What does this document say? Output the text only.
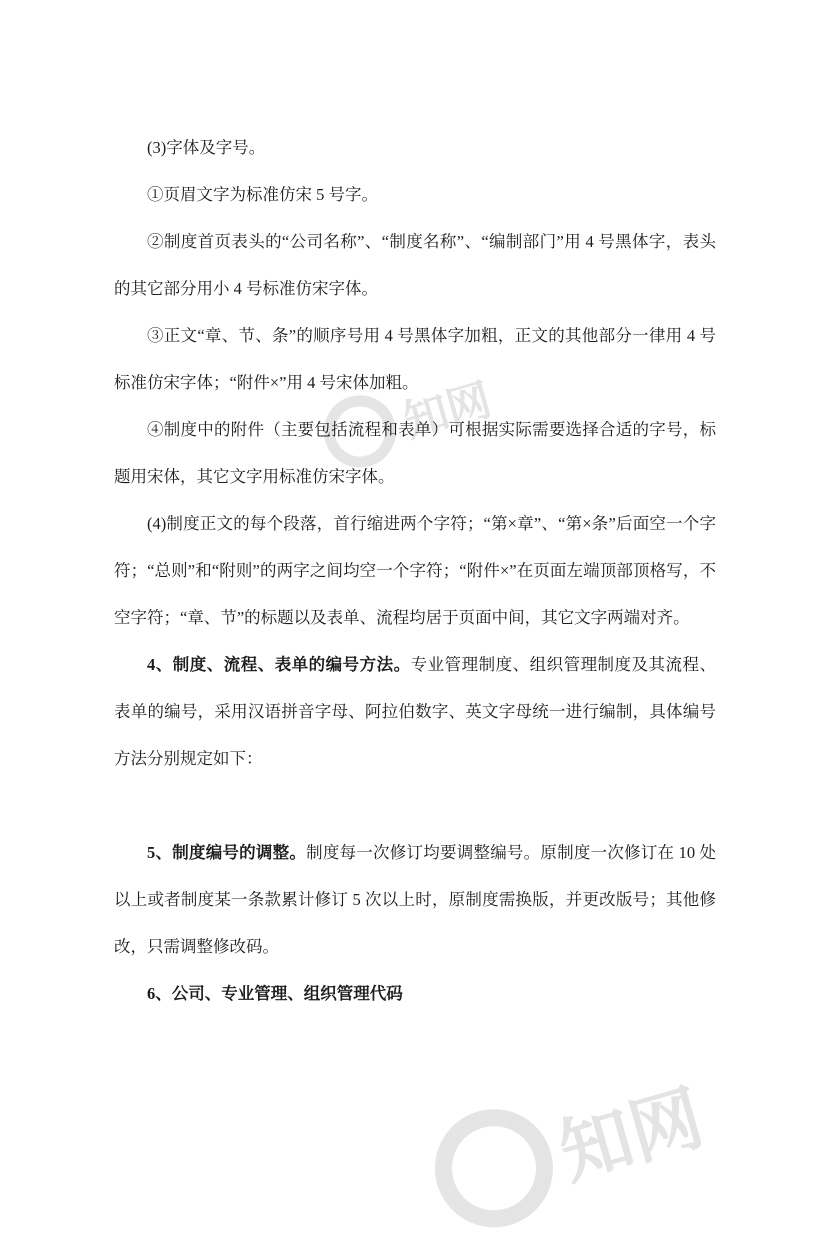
知网

(3)字体及字号。

①页眉文字为标准仿宋 5 号字。

②制度首页表头的“公司名称”、“制度名称”、“编制部门”用 4 号黑体字，表头的其它部分用小 4 号标准仿宋字体。

③正文“章、节、条”的顺序号用 4 号黑体字加粗，正文的其他部分一律用 4 号标准仿宋字体；“附件×”用 4 号宋体加粗。

④制度中的附件（主要包括流程和表单）可根据实际需要选择合适的字号，标题用宋体，其它文字用标准仿宋字体。

(4)制度正文的每个段落，首行缩进两个字符；“第×章”、“第×条”后面空一个字符；“总则”和“附则”的两字之间均空一个字符；“附件×”在页面左端顶部顶格写，不空字符；“章、节”的标题以及表单、流程均居于页面中间，其它文字两端对齐。

4、制度、流程、表单的编号方法。专业管理制度、组织管理制度及其流程、表单的编号，采用汉语拼音字母、阿拉伯数字、英文字母统一进行编制，具体编号方法分别规定如下：

5、制度编号的调整。制度每一次修订均要调整编号。原制度一次修订在 10 处以上或者制度某一条款累计修订 5 次以上时，原制度需换版，并更改版号；其他修改，只需调整修改码。

6、公司、专业管理、组织管理代码

知网
